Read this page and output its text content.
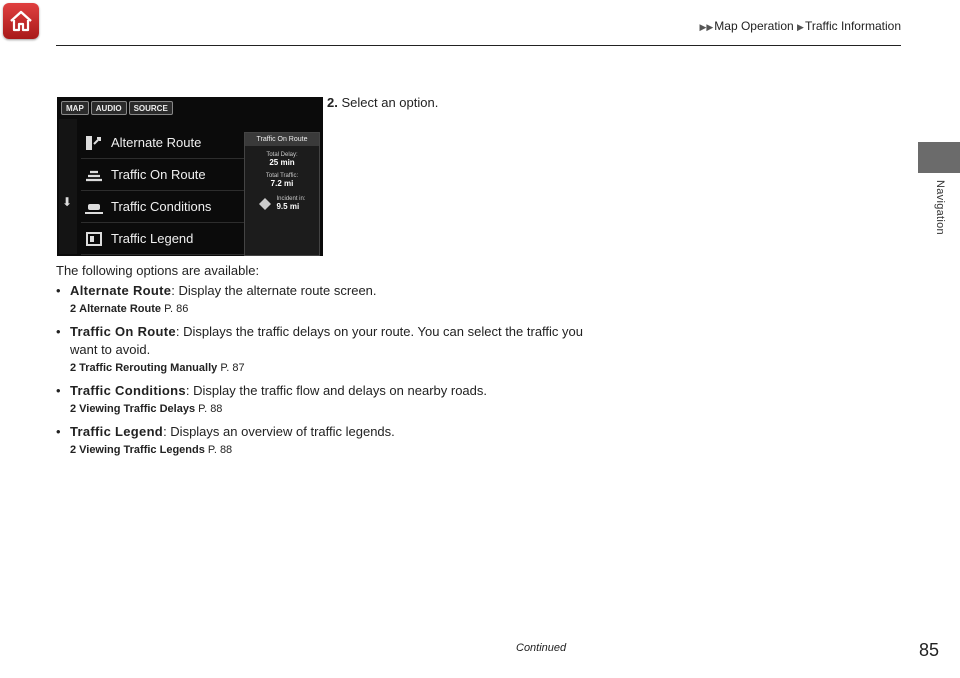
▶▶Map Operation ▶Traffic Information
Navigation
MAP	AUDIO	SOURCE
⬇
Alternate Route
Traffic On Route
Traffic Conditions
Traffic Legend
Traffic On Route
Total Delay:
25 min
Total Traffic:
7.2 mi
Incident in:
9.5 mi
2. Select an option.

The following options are available:

• Alternate Route: Display the alternate route screen.

2 Alternate Route P. 86

• Traffic On Route: Displays the traffic delays on your route. You can select the traffic you want to avoid.

2 Traffic Rerouting Manually P. 87

• Traffic Conditions: Display the traffic flow and delays on nearby roads.

2 Viewing Traffic Delays P. 88

• Traffic Legend: Displays an overview of traffic legends.

2 Viewing Traffic Legends P. 88
Continued	85
